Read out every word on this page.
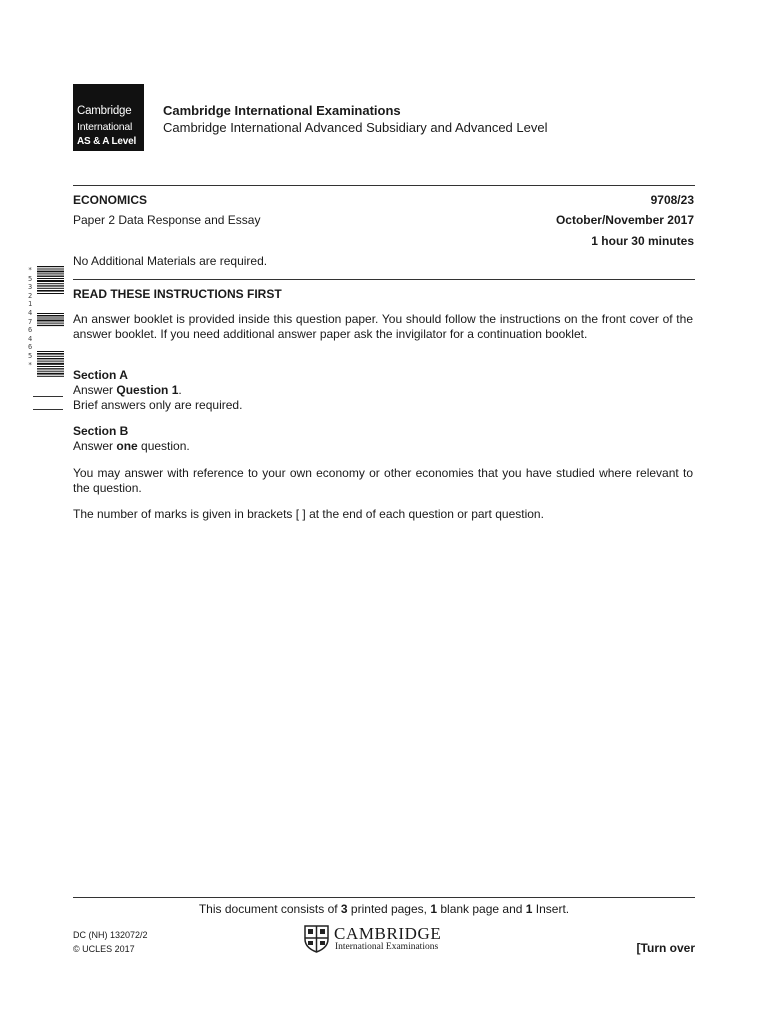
Cambridge
International
AS & A Level
Cambridge International Examinations
Cambridge International Advanced Subsidiary and Advanced Level
ECONOMICS	9708/23
Paper 2 Data Response and Essay	October/November 2017
1 hour 30 minutes
No Additional Materials are required.
*
5
3
2
1
4
7
6
4
6
5
*
READ THESE INSTRUCTIONS FIRST
An answer booklet is provided inside this question paper. You should follow the instructions on the front cover of the answer booklet. If you need additional answer paper ask the invigilator for a continuation booklet.
Section A
Answer Question 1.
Brief answers only are required.
Section B
Answer one question.
You may answer with reference to your own economy or other economies that you have studied where relevant to the question.
The number of marks is given in brackets [ ] at the end of each question or part question.
This document consists of 3 printed pages, 1 blank page and 1 Insert.
DC (NH) 132072/2
© UCLES 2017
CAMBRIDGE
International Examinations	[Turn over
